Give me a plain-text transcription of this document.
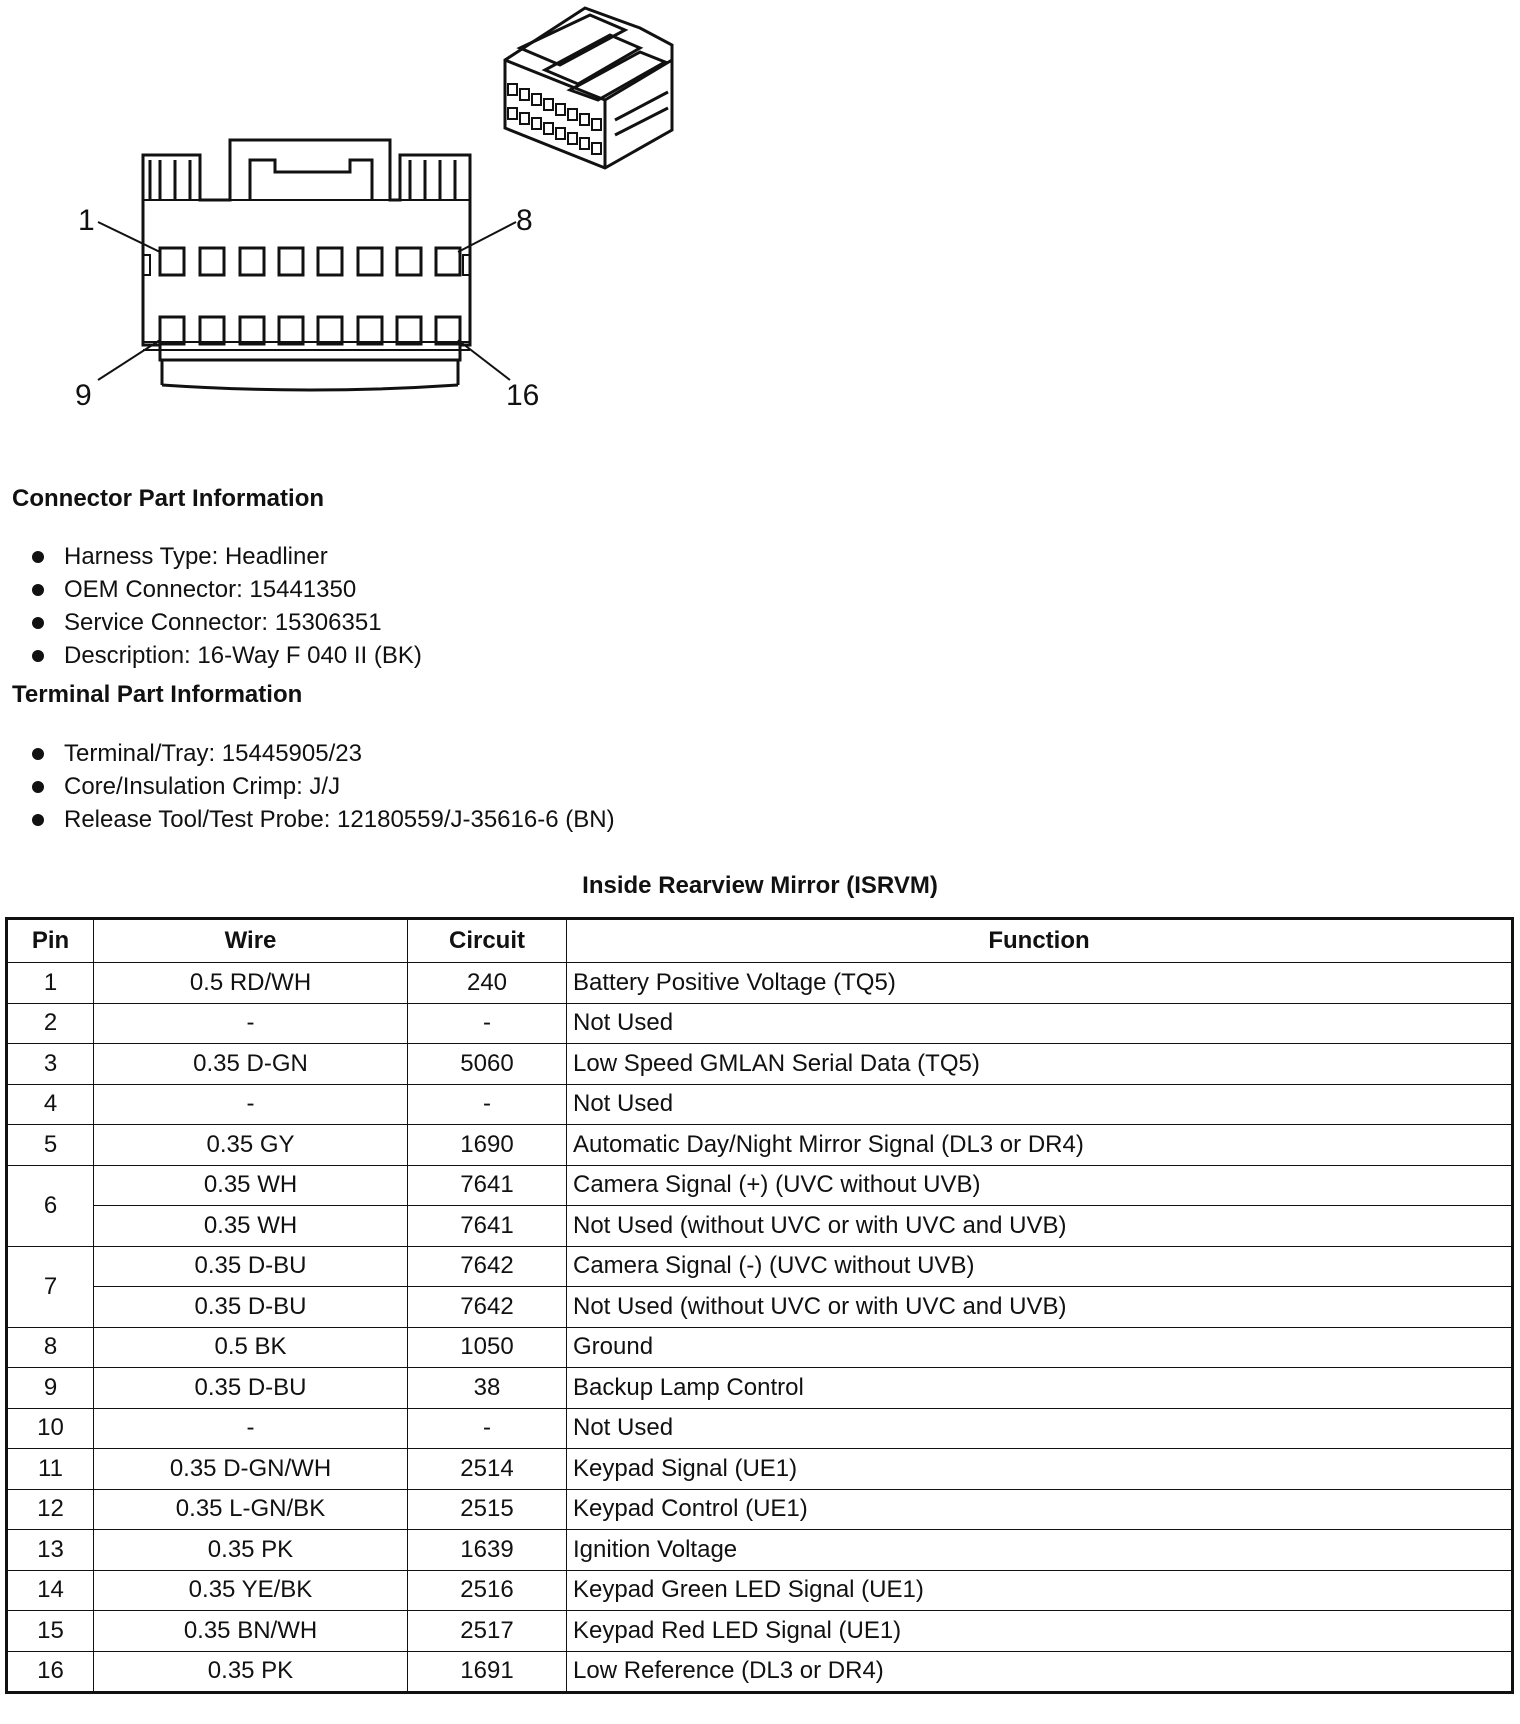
1	8
9	16
Connector Part Information
Harness Type: Headliner
OEM Connector: 15441350
Service Connector: 15306351
Description: 16-Way F 040 II (BK)
Terminal Part Information
Terminal/Tray: 15445905/23
Core/Insulation Crimp: J/J
Release Tool/Test Probe: 12180559/J-35616-6 (BN)
Inside Rearview Mirror (ISRVM)
Pin	Wire	Circuit	Function
1	0.5 RD/WH	240	Battery Positive Voltage (TQ5)
2	-	-	Not Used
3	0.35 D-GN	5060	Low Speed GMLAN Serial Data (TQ5)
4	-	-	Not Used
5	0.35 GY	1690	Automatic Day/Night Mirror Signal (DL3 or DR4)
6	0.35 WH	7641	Camera Signal (+) (UVC without UVB)
	0.35 WH	7641	Not Used (without UVC or with UVC and UVB)
7	0.35 D-BU	7642	Camera Signal (-) (UVC without UVB)
	0.35 D-BU	7642	Not Used (without UVC or with UVC and UVB)
8	0.5 BK	1050	Ground
9	0.35 D-BU	38	Backup Lamp Control
10	-	-	Not Used
11	0.35 D-GN/WH	2514	Keypad Signal (UE1)
12	0.35 L-GN/BK	2515	Keypad Control (UE1)
13	0.35 PK	1639	Ignition Voltage
14	0.35 YE/BK	2516	Keypad Green LED Signal (UE1)
15	0.35 BN/WH	2517	Keypad Red LED Signal (UE1)
16	0.35 PK	1691	Low Reference (DL3 or DR4)
